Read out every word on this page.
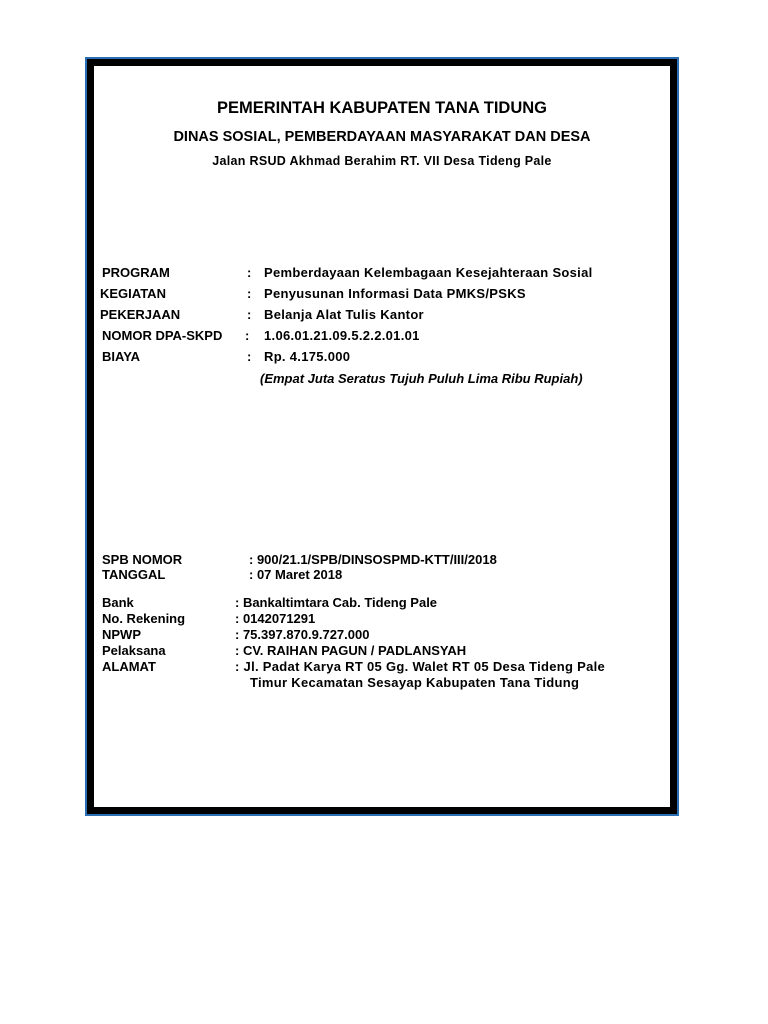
PEMERINTAH KABUPATEN TANA TIDUNG
DINAS SOSIAL, PEMBERDAYAAN MASYARAKAT DAN DESA
Jalan RSUD Akhmad Berahim RT. VII Desa Tideng Pale
PROGRAM	: Pemberdayaan Kelembagaan Kesejahteraan Sosial
KEGIATAN	: Penyusunan Informasi Data PMKS/PSKS
PEKERJAAN	: Belanja Alat Tulis Kantor
NOMOR DPA-SKPD : 1.06.01.21.09.5.2.2.01.01
BIAYA	: Rp. 4.175.000
(Empat Juta Seratus Tujuh Puluh Lima Ribu Rupiah)
SPB NOMOR	: 900/21.1/SPB/DINSOSPMD-KTT/III/2018
TANGGAL	: 07 Maret 2018
Bank	: Bankaltimtara Cab. Tideng Pale
No. Rekening	: 0142071291
NPWP	: 75.397.870.9.727.000
Pelaksana	: CV. RAIHAN PAGUN / PADLANSYAH
ALAMAT	: Jl. Padat Karya RT 05 Gg. Walet RT 05 Desa Tideng Pale
Timur Kecamatan Sesayap Kabupaten Tana Tidung
